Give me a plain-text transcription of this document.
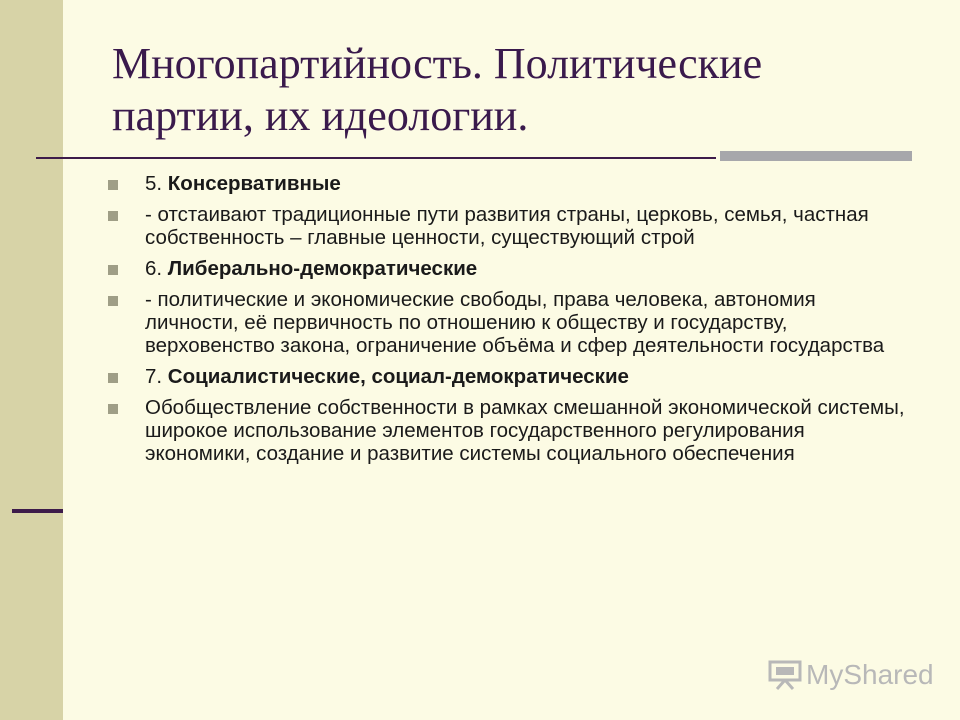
Многопартийность. Политические
партии, их идеологии.
5. Консервативные
- отстаивают традиционные пути развития страны, церковь, семья, частная собственность – главные ценности, существующий строй
6. Либерально-демократические
- политические и экономические свободы, права человека, автономия личности, её первичность по отношению к обществу и государству, верховенство закона, ограничение объёма и сфер деятельности государства
7. Социалистические, социал-демократические
Обобществление собственности в рамках смешанной экономической системы, широкое использование элементов государственного регулирования экономики, создание и развитие системы социального обеспечения
MyShared
